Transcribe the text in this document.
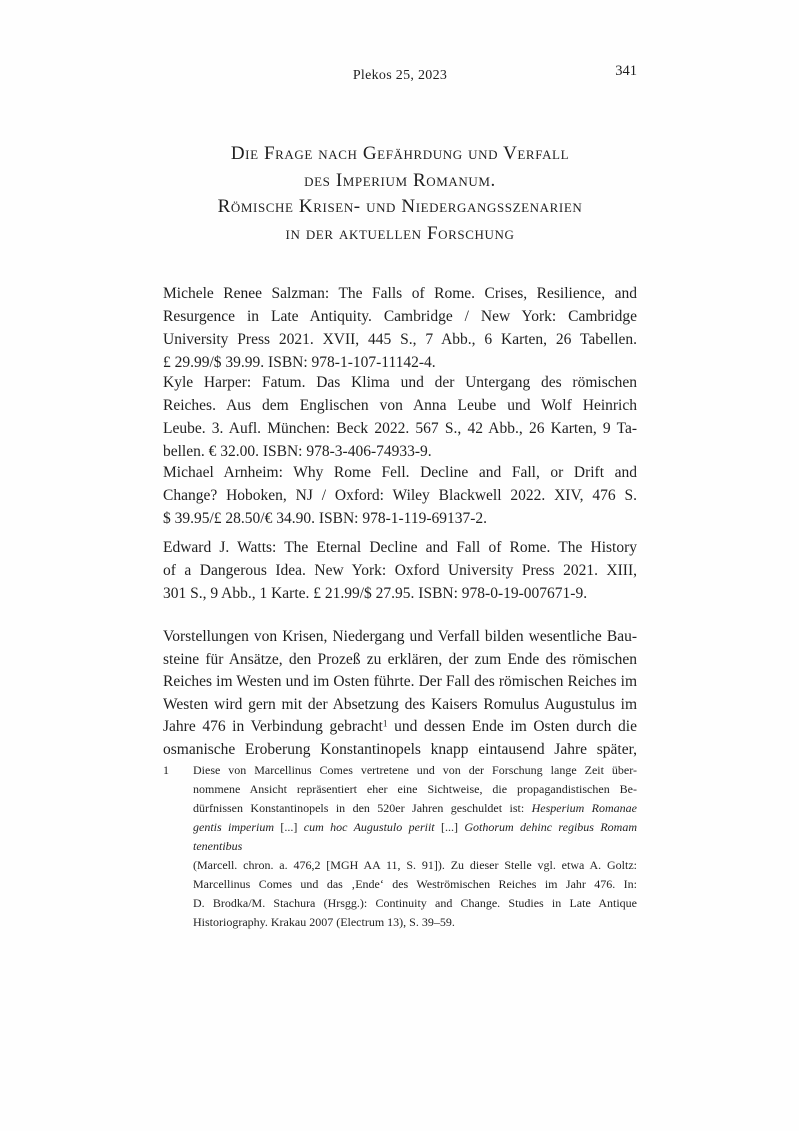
Plekos 25, 2023	341
Die Frage nach Gefährdung und Verfall
des Imperium Romanum.
Römische Krisen- und Niedergangsszenarien
in der aktuellen Forschung
Michele Renee Salzman: The Falls of Rome. Crises, Resilience, and
Resurgence in Late Antiquity. Cambridge / New York: Cambridge
University Press 2021. XVII, 445 S., 7 Abb., 6 Karten, 26 Tabellen.
£ 29.99/$ 39.99. ISBN: 978-1-107-11142-4.
Kyle Harper: Fatum. Das Klima und der Untergang des römischen
Reiches. Aus dem Englischen von Anna Leube und Wolf Heinrich
Leube. 3. Aufl. München: Beck 2022. 567 S., 42 Abb., 26 Karten, 9 Ta-
bellen. € 32.00. ISBN: 978-3-406-74933-9.
Michael Arnheim: Why Rome Fell. Decline and Fall, or Drift and
Change? Hoboken, NJ / Oxford: Wiley Blackwell 2022. XIV, 476 S.
$ 39.95/£ 28.50/€ 34.90. ISBN: 978-1-119-69137-2.
Edward J. Watts: The Eternal Decline and Fall of Rome. The History
of a Dangerous Idea. New York: Oxford University Press 2021. XIII,
301 S., 9 Abb., 1 Karte. £ 21.99/$ 27.95. ISBN: 978-0-19-007671-9.
Vorstellungen von Krisen, Niedergang und Verfall bilden wesentliche Bau-
steine für Ansätze, den Prozeß zu erklären, der zum Ende des römischen
Reiches im Westen und im Osten führte. Der Fall des römischen Reiches im
Westen wird gern mit der Absetzung des Kaisers Romulus Augustulus im
Jahre 476 in Verbindung gebracht$^1$ und dessen Ende im Osten durch die
osmanische Eroberung Konstantinopels knapp eintausend Jahre später,
1 Diese von Marcellinus Comes vertretene und von der Forschung lange Zeit über-
nommene Ansicht repräsentiert eher eine Sichtweise, die propagandistischen Be-
dürfnissen Konstantinopels in den 520er Jahren geschuldet ist: Hesperium Romanae
gentis imperium [...] cum hoc Augustulo periit [...] Gothorum dehinc regibus Romam tenentibus
(Marcell. chron. a. 476,2 [MGH AA 11, S. 91]). Zu dieser Stelle vgl. etwa A. Goltz:
Marcellinus Comes und das ‚Ende‘ des Weströmischen Reiches im Jahr 476. In:
D. Brodka/M. Stachura (Hrsgg.): Continuity and Change. Studies in Late Antique
Historiography. Krakau 2007 (Electrum 13), S. 39–59.
